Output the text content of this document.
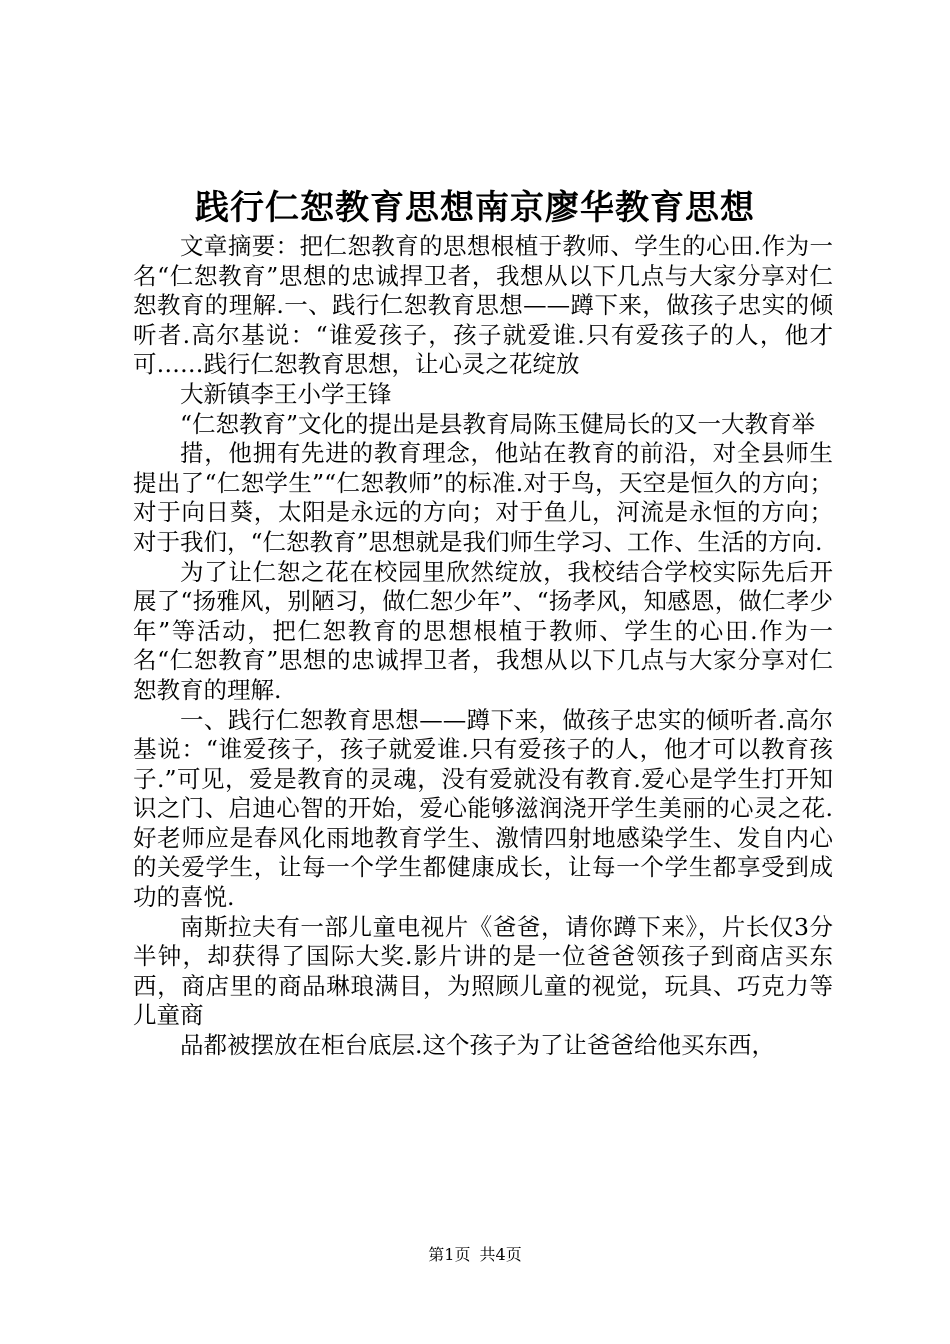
践行仁恕教育思想南京廖华教育思想

文章摘要：把仁恕教育的思想根植于教师、学生的心田.作为一名“仁恕教育”思想的忠诚捍卫者，我想从以下几点与大家分享对仁恕教育的理解.一、践行仁恕教育思想——蹲下来，做孩子忠实的倾听者.高尔基说：“谁爱孩子，孩子就爱谁.只有爱孩子的人，他才可……践行仁恕教育思想，让心灵之花绽放

大新镇李王小学王锋

“仁恕教育”文化的提出是县教育局陈玉健局长的又一大教育举

措，他拥有先进的教育理念，他站在教育的前沿，对全县师生提出了“仁恕学生”“仁恕教师”的标准.对于鸟，天空是恒久的方向；对于向日葵，太阳是永远的方向；对于鱼儿，河流是永恒的方向；对于我们，“仁恕教育”思想就是我们师生学习、工作、生活的方向.

为了让仁恕之花在校园里欣然绽放，我校结合学校实际先后开展了“扬雅风，别陋习，做仁恕少年”、“扬孝风，知感恩，做仁孝少年”等活动，把仁恕教育的思想根植于教师、学生的心田.作为一名“仁恕教育”思想的忠诚捍卫者，我想从以下几点与大家分享对仁恕教育的理解.

一、践行仁恕教育思想——蹲下来，做孩子忠实的倾听者.高尔基说：“谁爱孩子，孩子就爱谁.只有爱孩子的人，他才可以教育孩子.”可见，爱是教育的灵魂，没有爱就没有教育.爱心是学生打开知识之门、启迪心智的开始，爱心能够滋润浇开学生美丽的心灵之花.好老师应是春风化雨地教育学生、激情四射地感染学生、发自内心的关爱学生，让每一个学生都健康成长，让每一个学生都享受到成功的喜悦.

南斯拉夫有一部儿童电视片《爸爸，请你蹲下来》，片长仅3分半钟，却获得了国际大奖.影片讲的是一位爸爸领孩子到商店买东西，商店里的商品琳琅满目，为照顾儿童的视觉，玩具、巧克力等儿童商

品都被摆放在柜台底层.这个孩子为了让爸爸给他买东西，

第1页 共4页
